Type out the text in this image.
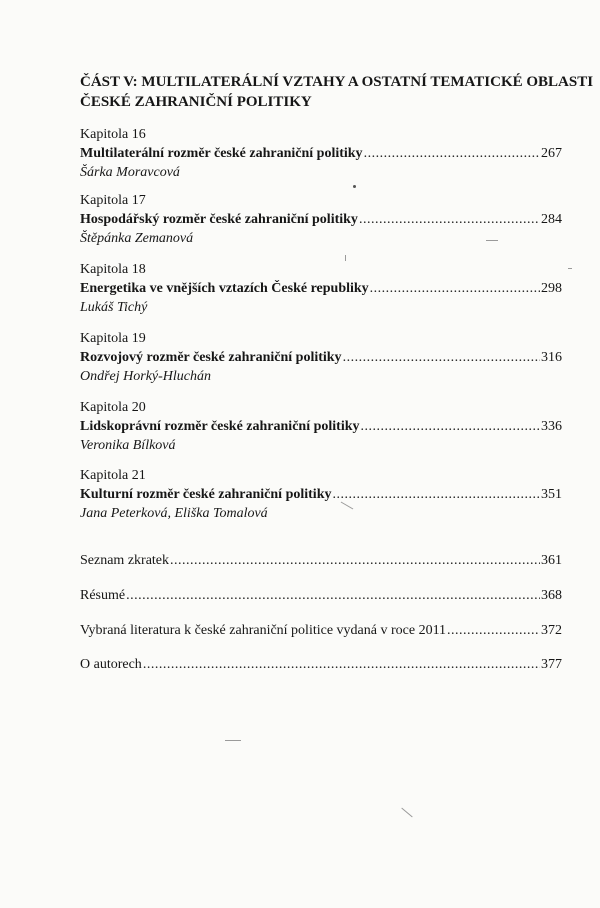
ČÁST V: MULTILATERÁLNÍ VZTAHY A OSTATNÍ TEMATICKÉ OBLASTI
ČESKÉ ZAHRANIČNÍ POLITIKY
Kapitola 16
Multilaterální rozměr české zahraniční politiky .....	267
Šárka Moravcová
Kapitola 17
Hospodářský rozměr české zahraniční politiky .....	284
Štěpánka Zemanová
Kapitola 18
Energetika ve vnějších vztazích České republiky .....	298
Lukáš Tichý
Kapitola 19
Rozvojový rozměr české zahraniční politiky .....	316
Ondřej Horký-Hluchán
Kapitola 20
Lidskoprávní rozměr české zahraniční politiky .....	336
Veronika Bílková
Kapitola 21
Kulturní rozměr české zahraniční politiky .....	351
Jana Peterková, Eliška Tomalová
Seznam zkratek .....	361
Résumé .....	368
Vybraná literatura k české zahraniční politice vydaná v roce 2011 .....	372
O autorech .....	377
